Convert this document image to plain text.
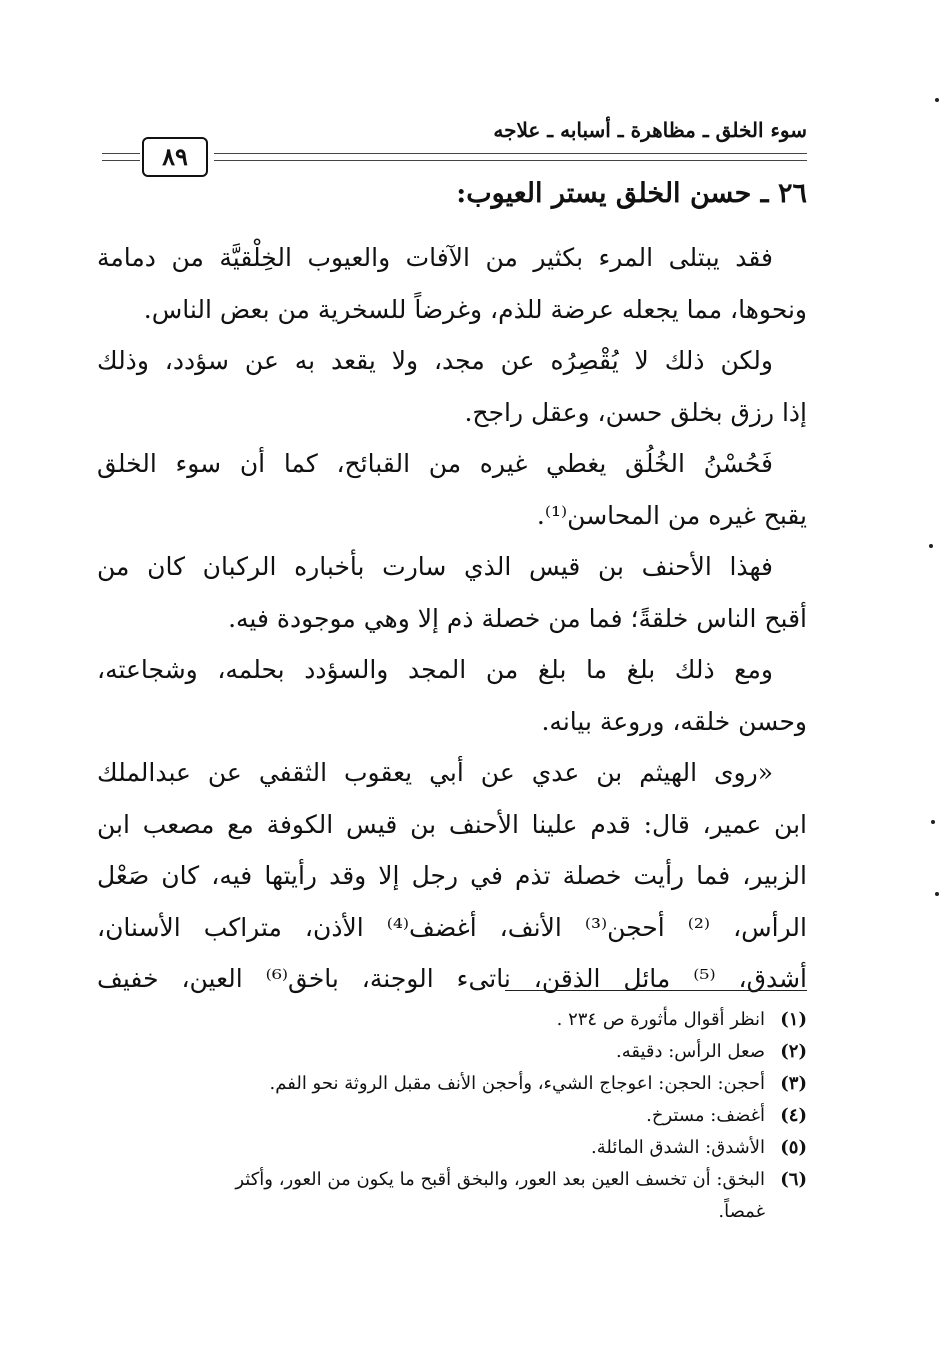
سوء الخلق ـ مظاهرة ـ أسبابه ـ علاجه
٨٩
٢٦ ـ حسن الخلق يستر العيوب:
فقد يبتلى المرء بكثير من الآفات والعيوب الخِلْقيَّة من دمامة
ونحوها، مما يجعله عرضة للذم، وغرضاً للسخرية من بعض الناس.
ولكن ذلك لا يُقْصِرُه عن مجد، ولا يقعد به عن سؤدد، وذلك
إذا رزق بخلق حسن، وعقل راجح.
فَحُسْنُ الخُلُق يغطي غيره من القبائح، كما أن سوء الخلق
يقبح غيره من المحاسن⁽¹⁾.
فهذا الأحنف بن قيس الذي سارت بأخباره الركبان كان من
أقبح الناس خلقةً؛ فما من خصلة ذم إلا وهي موجودة فيه.
ومع ذلك بلغ ما بلغ من المجد والسؤدد بحلمه، وشجاعته،
وحسن خلقه، وروعة بيانه.
«روى الهيثم بن عدي عن أبي يعقوب الثقفي عن عبدالملك
ابن عمير، قال: قدم علينا الأحنف بن قيس الكوفة مع مصعب ابن
الزبير، فما رأيت خصلة تذم في رجل إلا وقد رأيتها فيه، كان صَعْل
الرأس، ⁽²⁾ أحجن⁽³⁾ الأنف، أغضف⁽⁴⁾ الأذن، متراكب الأسنان،
أشدق، ⁽⁵⁾ مائل الذقن، ناتىء الوجنة، باخق⁽⁶⁾ العين، خفيف
(١)
انظر أقوال مأثورة ص ٢٣٤ .
(٢)
صعل الرأس: دقيقه.
(٣)
أحجن: الحجن: اعوجاج الشيء، وأحجن الأنف مقبل الروثة نحو الفم.
(٤)
أغضف: مسترخ.
(٥)
الأشدق: الشدق المائلة.
(٦)
البخق: أن تخسف العين بعد العور، والبخق أقبح ما يكون من العور، وأكثر
غمصاً.
